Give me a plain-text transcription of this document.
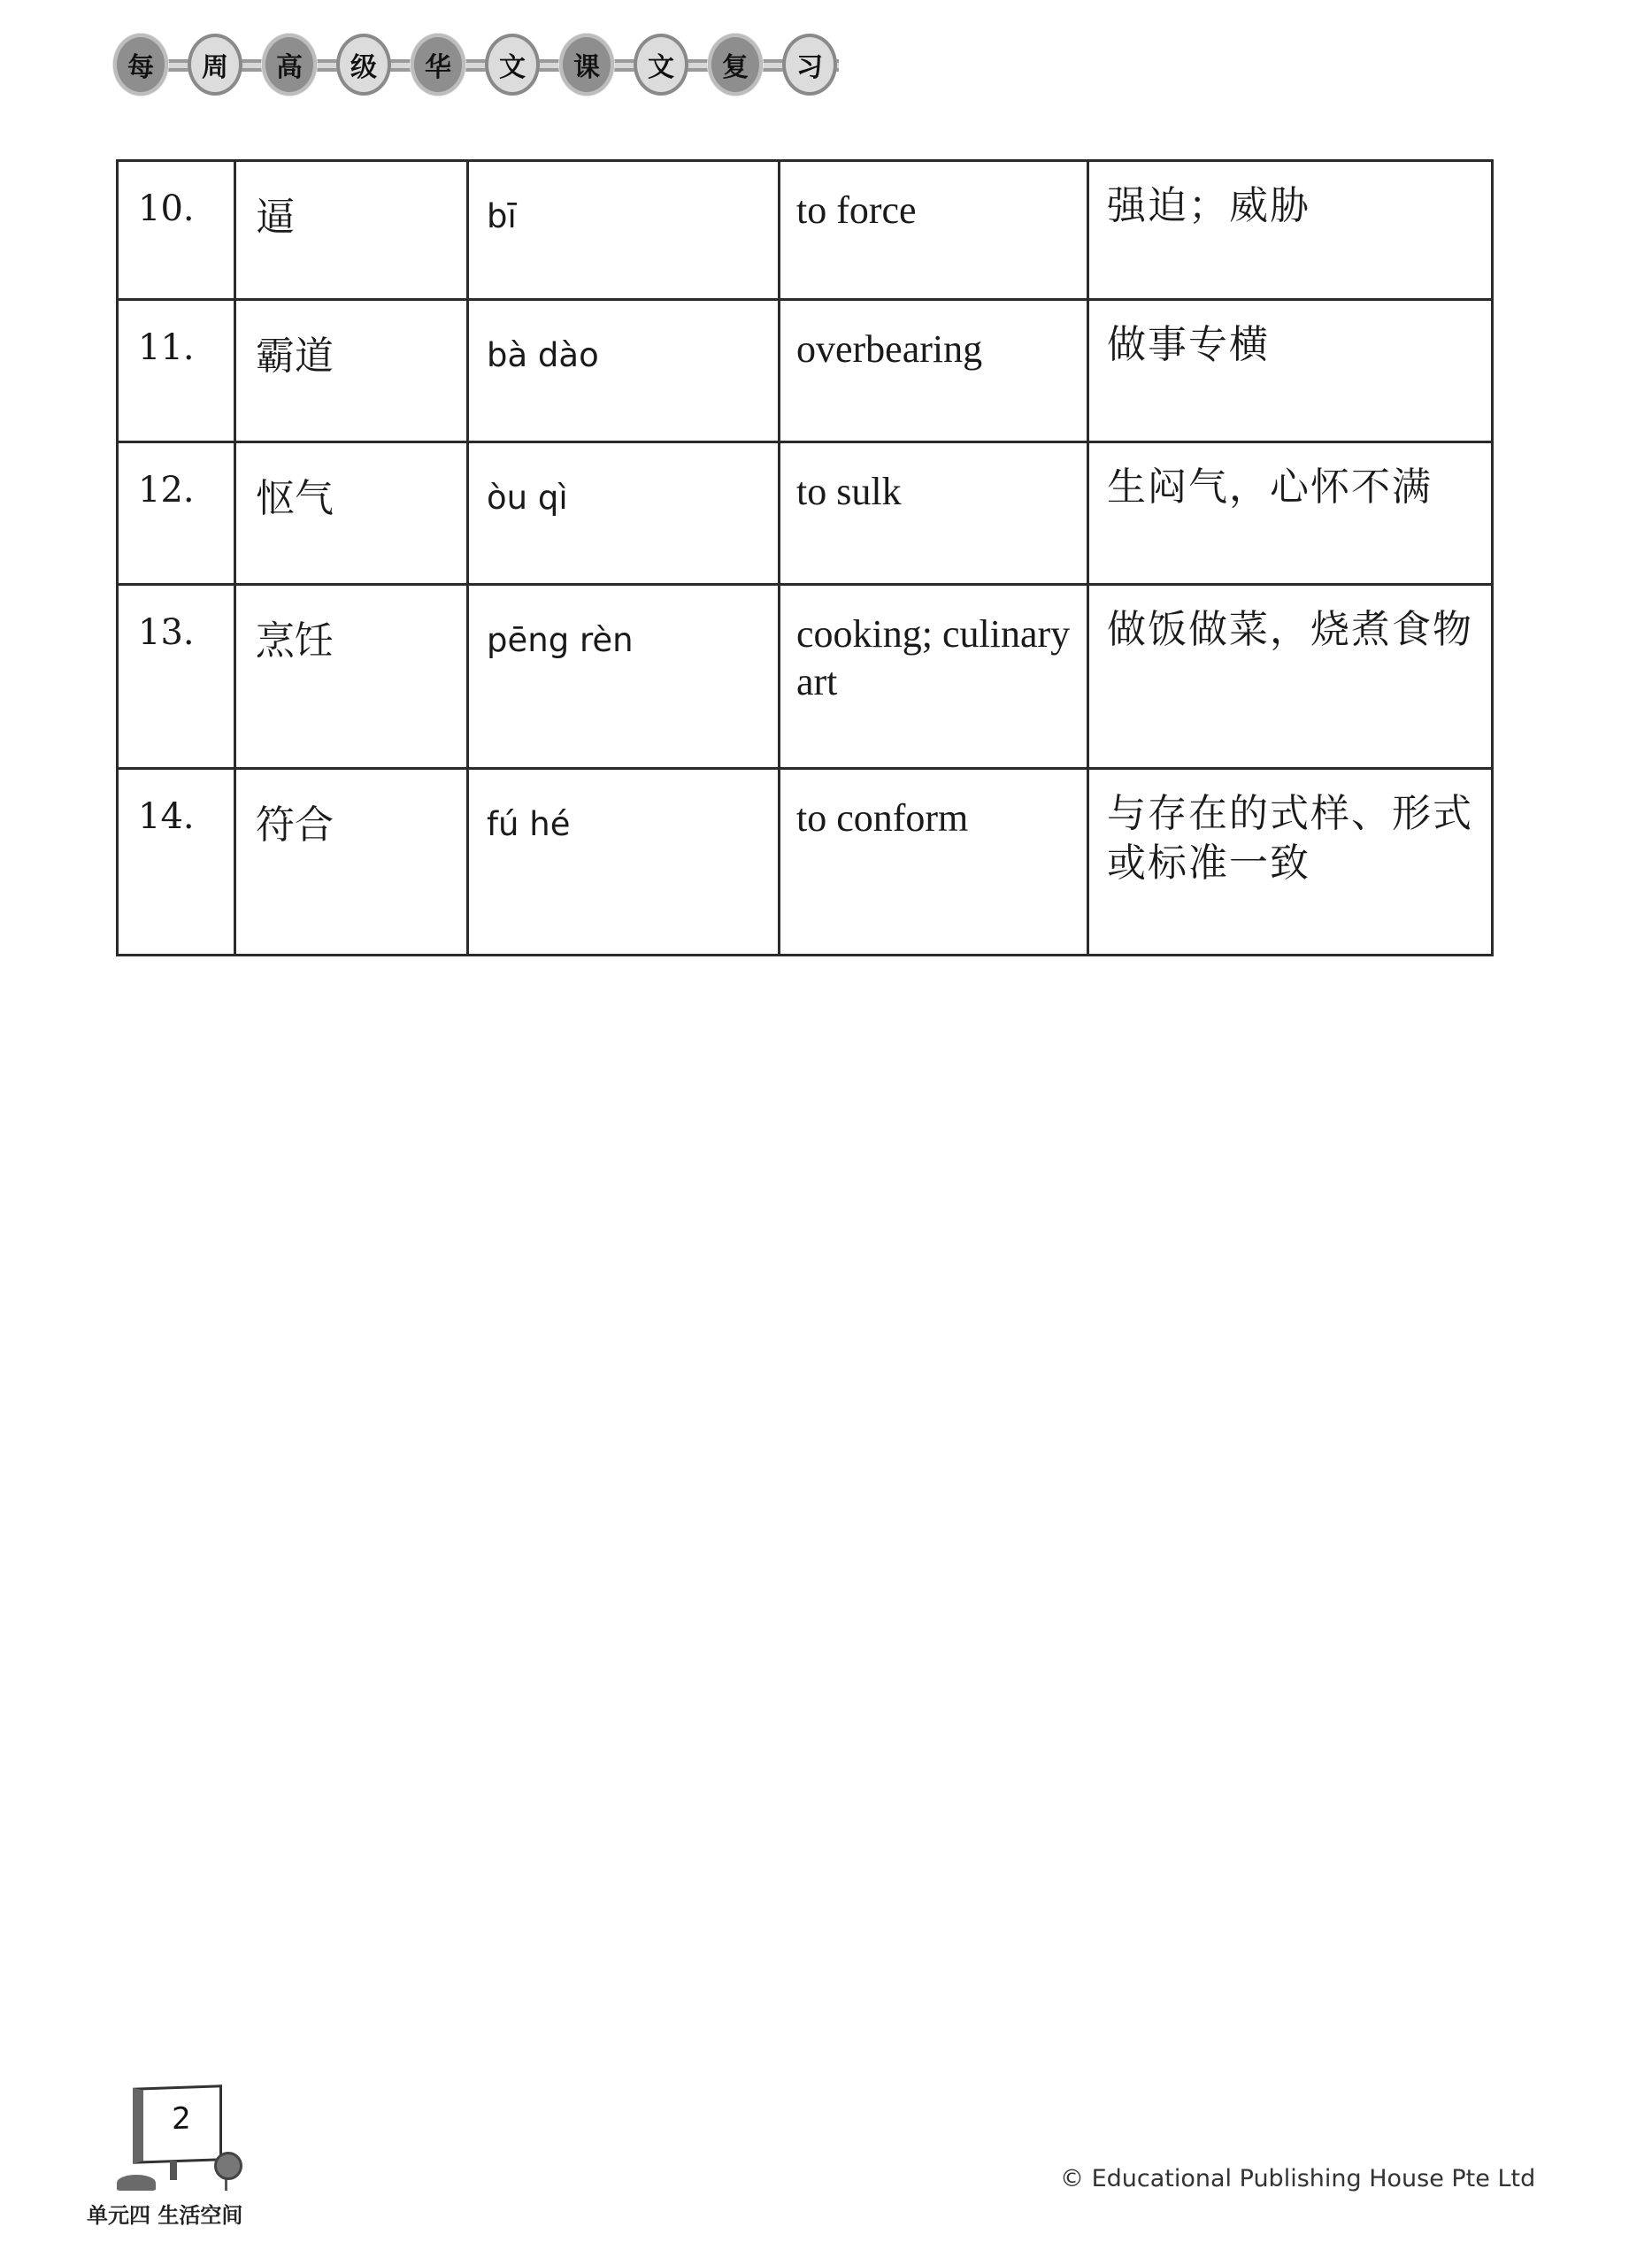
每	周	高	级	华	文	课	文	复	习
10.	逼	bī	to force	强迫；威胁
11.	霸道	bà dào	overbearing	做事专横
12.	怄气	òu qì	to sulk	生闷气，心怀不满
13.	烹饪	pēng rèn	cooking; culinary art	做饭做菜，烧煮食物
14.	符合	fú hé	to conform	与存在的式样、形式或标准一致
2
单元四 生活空间
© Educational Publishing House Pte Ltd
